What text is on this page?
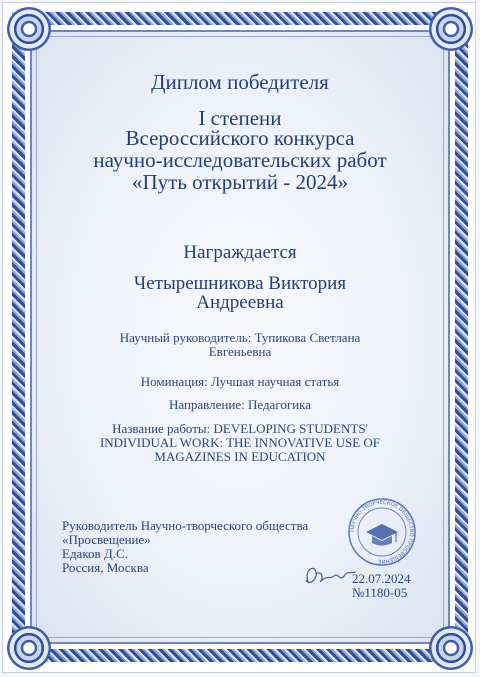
Диплом победителя
I степени
Всероссийского конкурса
научно-исследовательских работ
«Путь открытий - 2024»
Награждается
Четырешникова Виктория
Андреевна
Научный руководитель: Тупикова Светлана
Евгеньевна
Номинация: Лучшая научная статья
Направление: Педагогика
Название работы: DEVELOPING STUDENTS'
INDIVIDUAL WORK: THE INNOVATIVE USE OF
MAGAZINES IN EDUCATION
Руководитель Научно-творческого общества
«Просвещение»
Едаков Д.С.
Россия, Москва
НАУЧНО-ТВОРЧЕСКОЕ ОБЩЕСТВО ПРОСВЕЩЕНИЕ
22.07.2024
№1180-05
